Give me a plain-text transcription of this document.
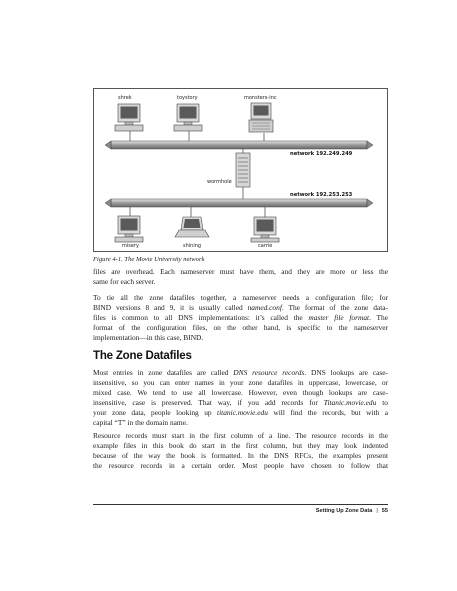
shrek	toystory	monsters-inc
network 192.249.249
wormhole
network 192.253.253
misery	shining	carrie
Figure 4-1. The Movie University network
files are overhead. Each nameserver must have them, and they are more or less the
same for each server.
To tie all the zone datafiles together, a nameserver needs a configuration file; for
BIND versions 8 and 9, it is usually called named.conf. The format of the zone data-
files is common to all DNS implementations: it’s called the master file format. The
format of the configuration files, on the other hand, is specific to the nameserver
implementation—in this case, BIND.
The Zone Datafiles
Most entries in zone datafiles are called DNS resource records. DNS lookups are case-
insensitive, so you can enter names in your zone datafiles in uppercase, lowercase, or
mixed case. We tend to use all lowercase. However, even though lookups are case-
insensitive, case is preserved. That way, if you add records for Titanic.movie.edu to
your zone data, people looking up titanic.movie.edu will find the records, but with a
capital “T” in the domain name.
Resource records must start in the first column of a line. The resource records in the
example files in this book do start in the first column, but they may look indented
because of the way the book is formatted. In the DNS RFCs, the examples present
the resource records in a certain order. Most people have chosen to follow that
Setting Up Zone Data | 55
